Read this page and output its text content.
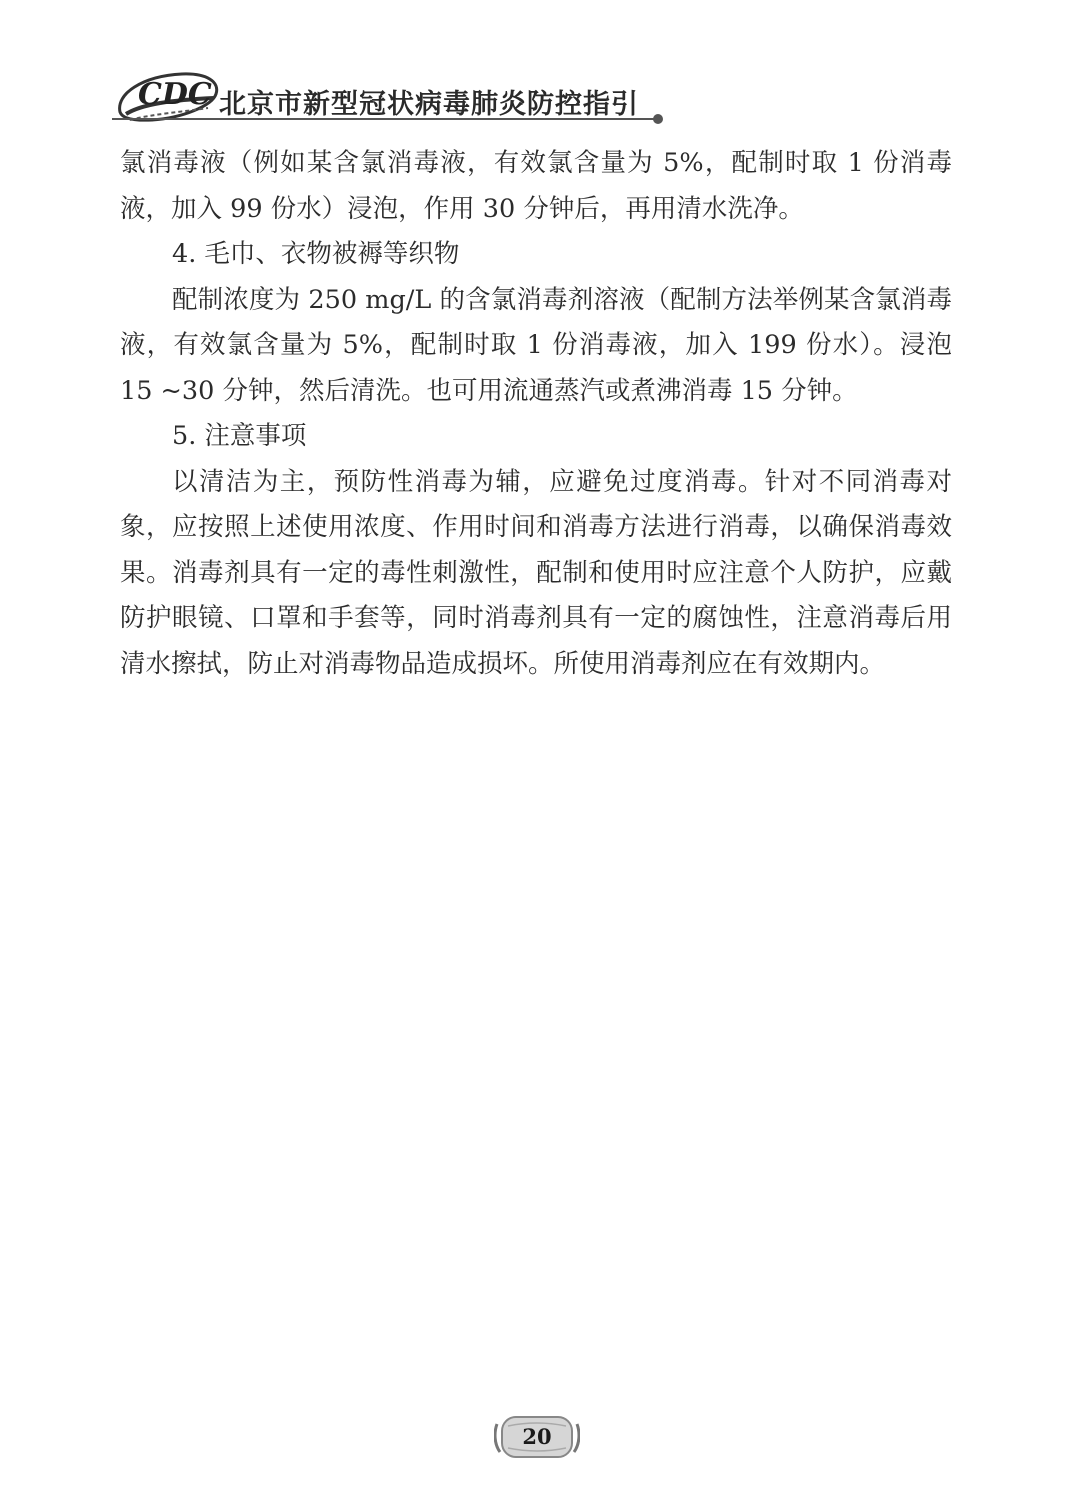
CDC 北京市新型冠状病毒肺炎防控指引

氯消毒液（例如某含氯消毒液，有效氯含量为 5%，配制时取 1 份消毒液，加入 99 份水）浸泡，作用 30 分钟后，再用清水洗净。

4. 毛巾、衣物被褥等织物

配制浓度为 250 mg/L 的含氯消毒剂溶液（配制方法举例某含氯消毒液，有效氯含量为 5%，配制时取 1 份消毒液，加入 199 份水）。浸泡 15 ~30 分钟，然后清洗。也可用流通蒸汽或煮沸消毒 15 分钟。

5. 注意事项

以清洁为主，预防性消毒为辅，应避免过度消毒。针对不同消毒对象，应按照上述使用浓度、作用时间和消毒方法进行消毒，以确保消毒效果。消毒剂具有一定的毒性刺激性，配制和使用时应注意个人防护，应戴防护眼镜、口罩和手套等，同时消毒剂具有一定的腐蚀性，注意消毒后用清水擦拭，防止对消毒物品造成损坏。所使用消毒剂应在有效期内。

20
